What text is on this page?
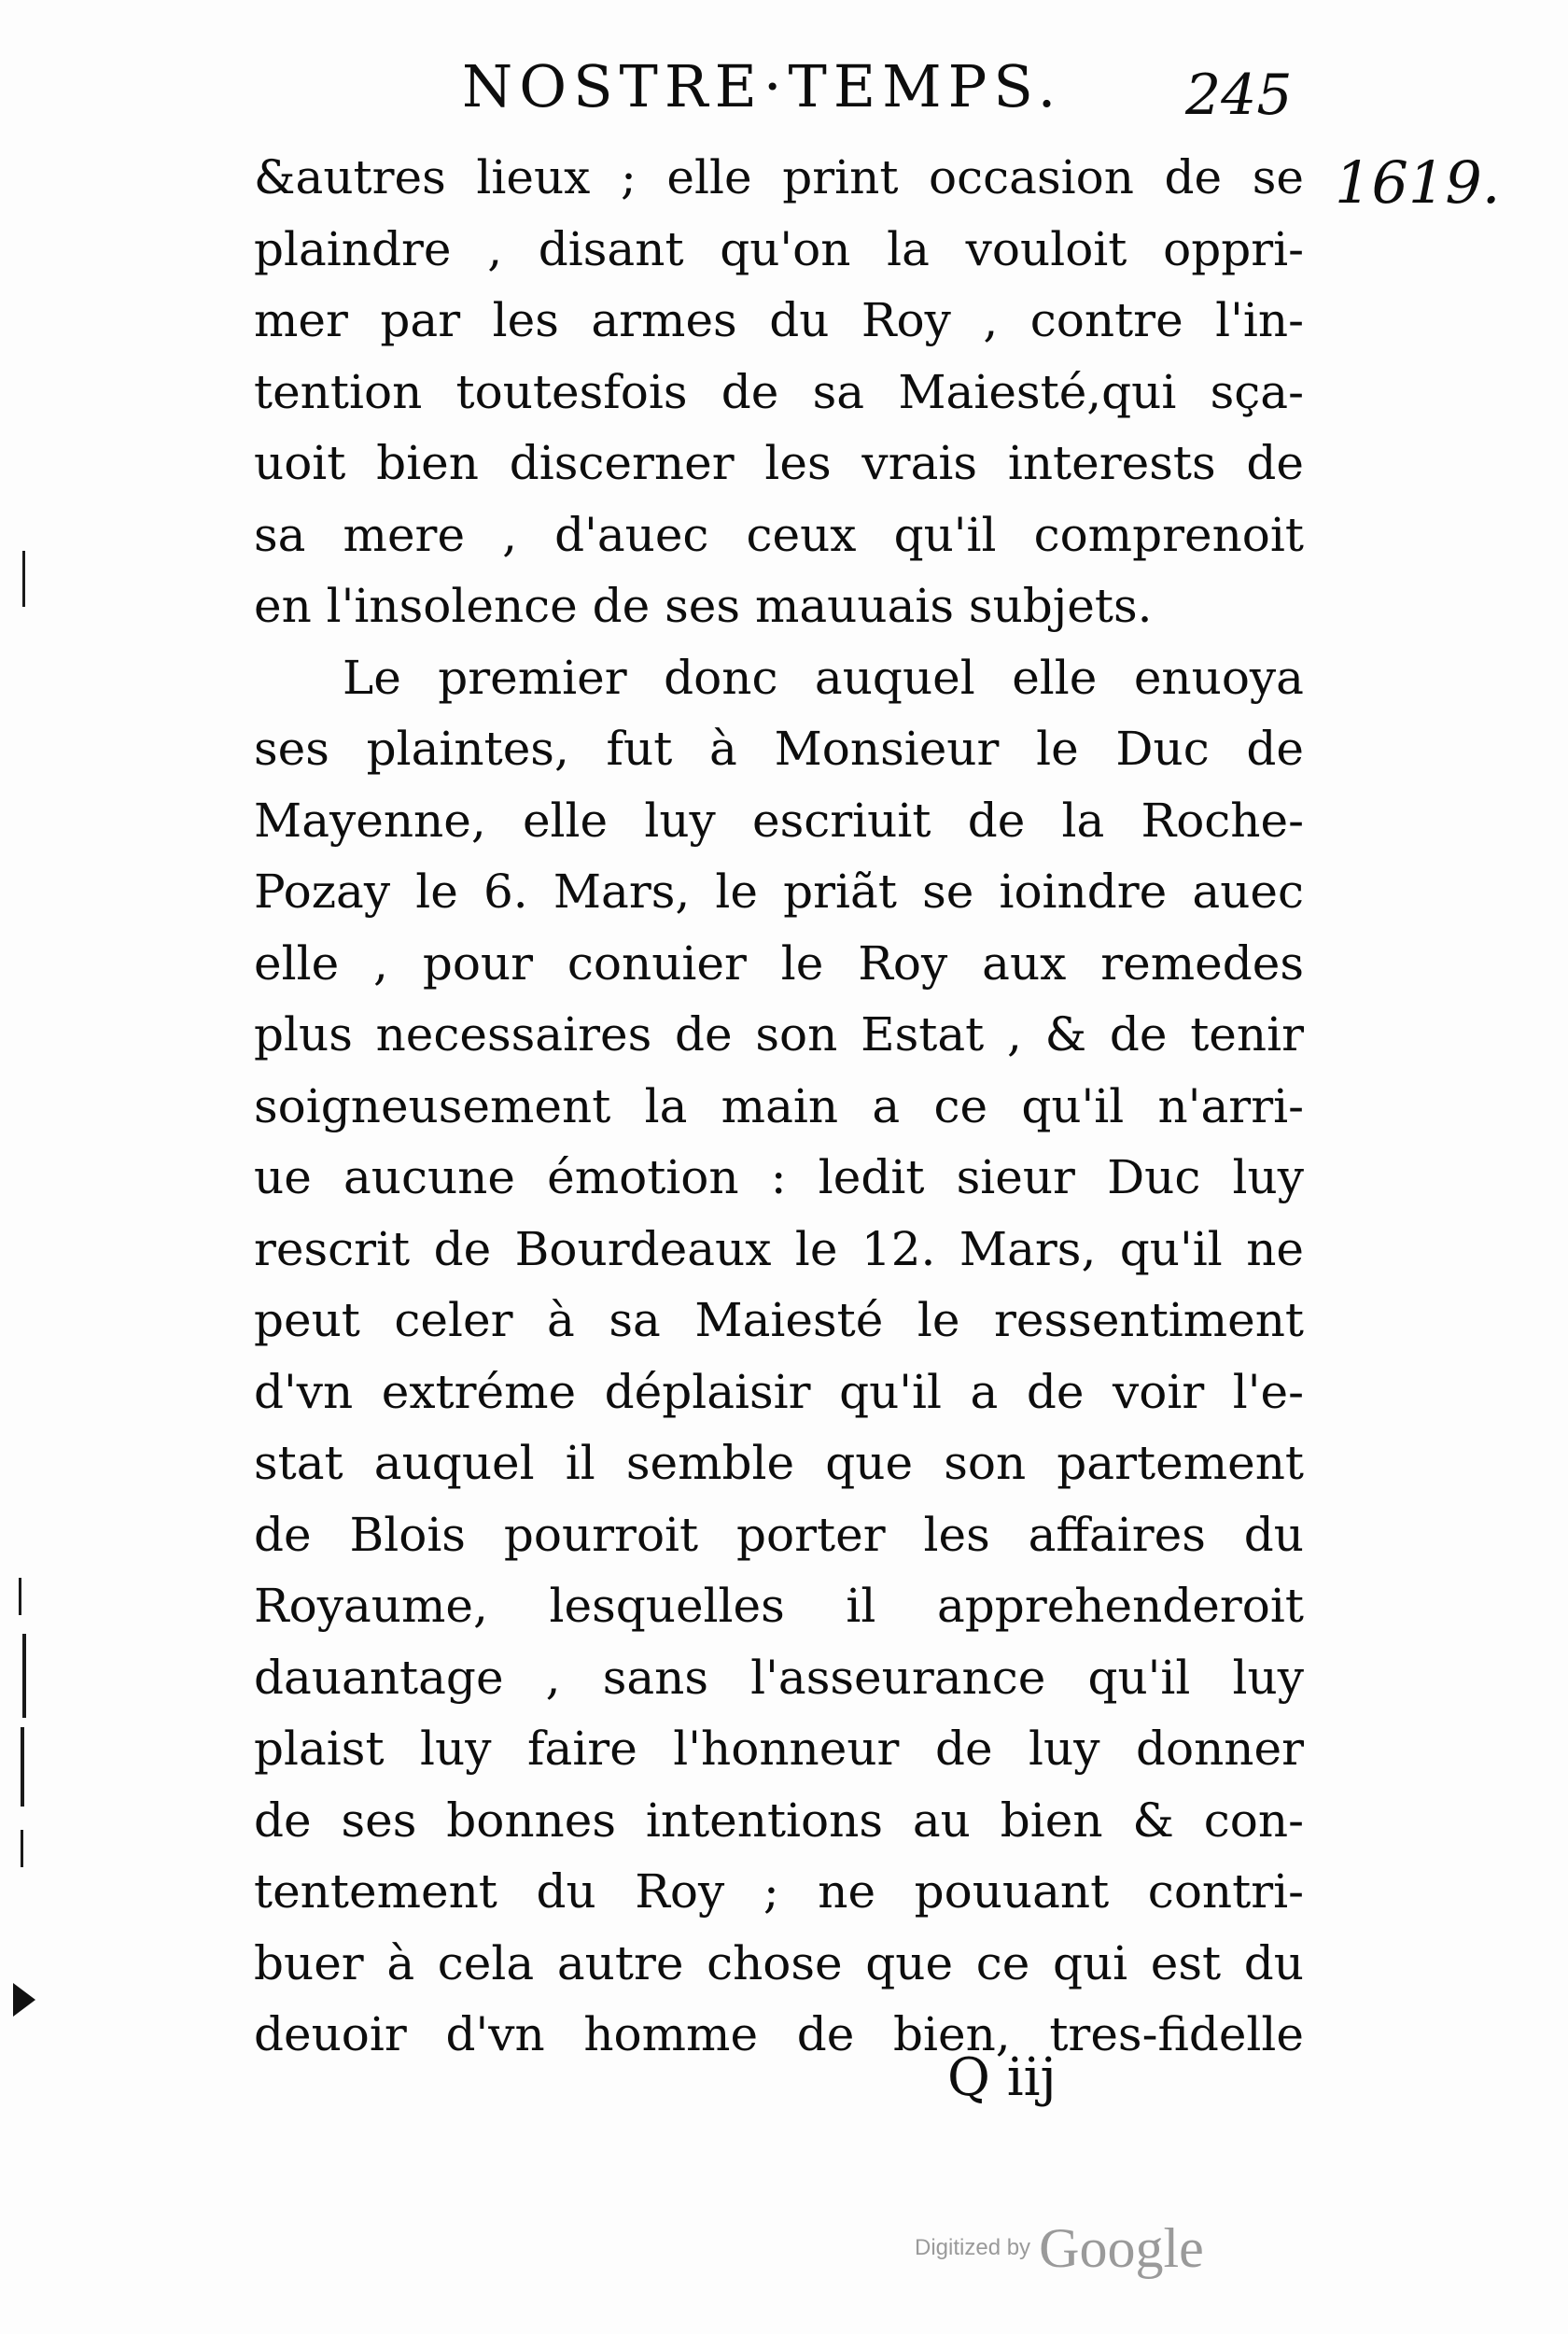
NOSTRE·TEMPS. 245
1619.
&autres lieux ; elle print occasion de se
plaindre , disant qu'on la vouloit oppri-
mer par les armes du Roy , contre l'in-
tention toutesfois de sa Maiesté,qui sça-
uoit bien discerner les vrais interests de
sa mere , d'auec ceux qu'il comprenoit
en l'insolence de ses mauuais subjets.
Le premier donc auquel elle enuoya
ses plaintes, fut à Monsieur le Duc de
Mayenne, elle luy escriuit de la Roche-
Pozay le 6. Mars, le priãt se ioindre auec
elle , pour conuier le Roy aux remedes
plus necessaires de son Estat , & de tenir
soigneusement la main a ce qu'il n'arri-
ue aucune émotion : ledit sieur Duc luy
rescrit de Bourdeaux le 12. Mars, qu'il ne
peut celer à sa Maiesté le ressentiment
d'vn extréme déplaisir qu'il a de voir l'e-
stat auquel il semble que son partement
de Blois pourroit porter les affaires du
Royaume, lesquelles il apprehenderoit
dauantage , sans l'asseurance qu'il luy
plaist luy faire l'honneur de luy donner
de ses bonnes intentions au bien & con-
tentement du Roy ; ne pouuant contri-
buer à cela autre chose que ce qui est du
deuoir d'vn homme de bien, tres-fidelle
Q iij
Digitized by Google
